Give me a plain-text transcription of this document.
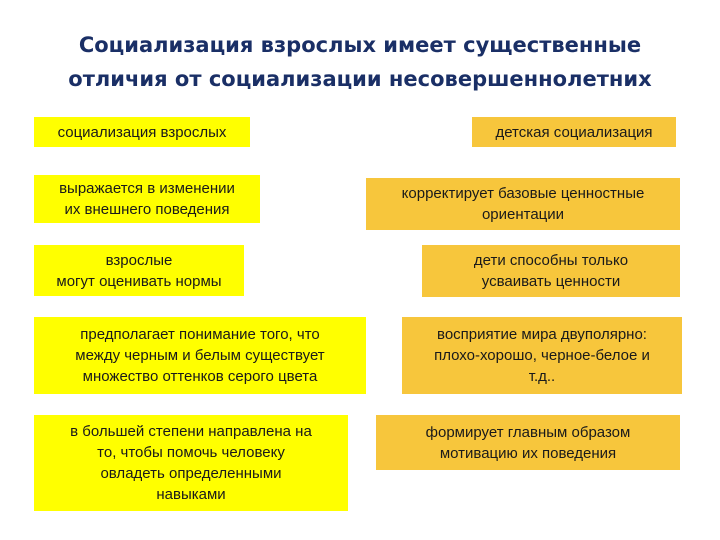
Социализация взрослых имеет существенные
отличия от социализации несовершеннолетних
социализация взрослых
выражается в изменении
их внешнего поведения
взрослые
могут оценивать нормы
предполагает понимание того, что
между черным и белым существует
множество оттенков серого цвета
в большей степени направлена на
то, чтобы помочь человеку
овладеть определенными
навыками
детская социализация
корректирует базовые ценностные
ориентации
дети способны только
усваивать ценности
восприятие мира двуполярно:
плохо-хорошо, черное-белое и
т.д..
формирует главным образом
мотивацию их поведения
